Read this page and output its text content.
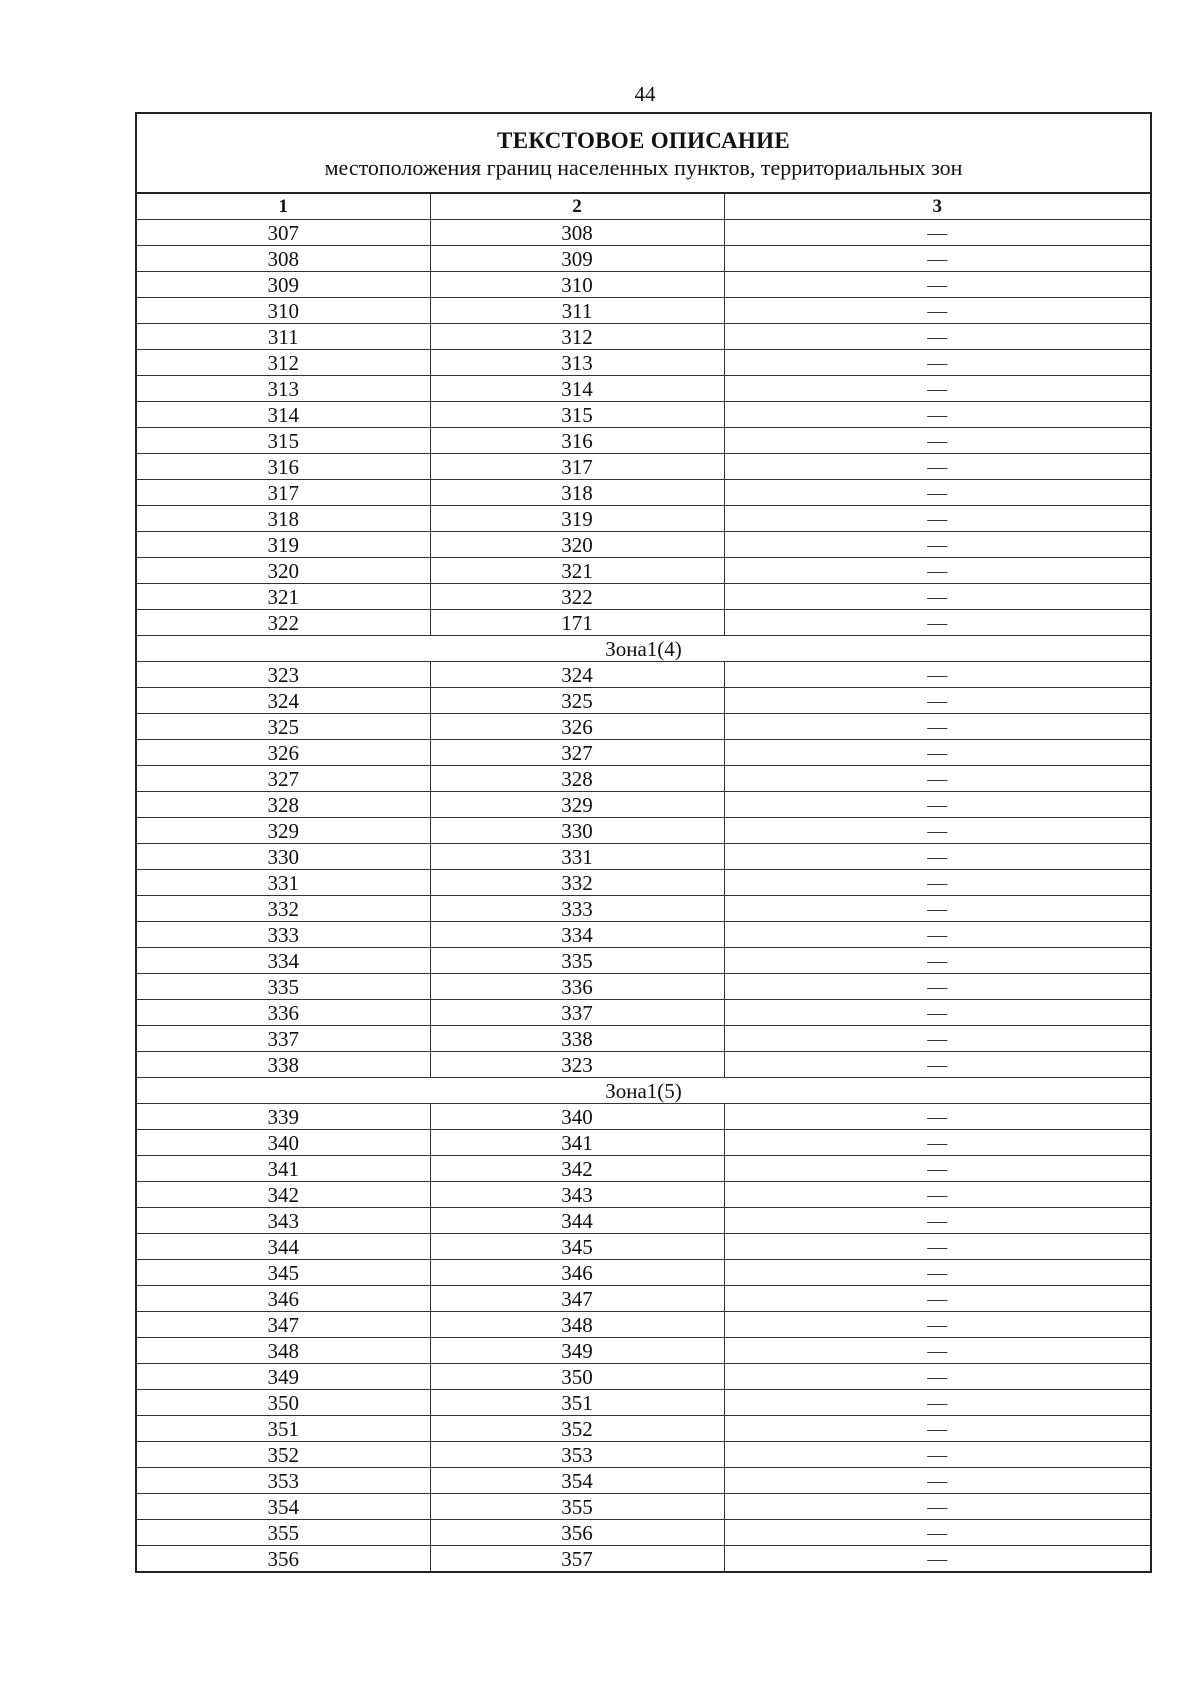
44
ТЕКСТОВОЕ ОПИСАНИЕ
местоположения границ населенных пунктов, территориальных зон		

1	2	3
307	308	—
308	309	—
309	310	—
310	311	—
311	312	—
312	313	—
313	314	—
314	315	—
315	316	—
316	317	—
317	318	—
318	319	—
319	320	—
320	321	—
321	322	—
322	171	—
Зона1(4)		
323	324	—
324	325	—
325	326	—
326	327	—
327	328	—
328	329	—
329	330	—
330	331	—
331	332	—
332	333	—
333	334	—
334	335	—
335	336	—
336	337	—
337	338	—
338	323	—
Зона1(5)		
339	340	—
340	341	—
341	342	—
342	343	—
343	344	—
344	345	—
345	346	—
346	347	—
347	348	—
348	349	—
349	350	—
350	351	—
351	352	—
352	353	—
353	354	—
354	355	—
355	356	—
356	357	—
